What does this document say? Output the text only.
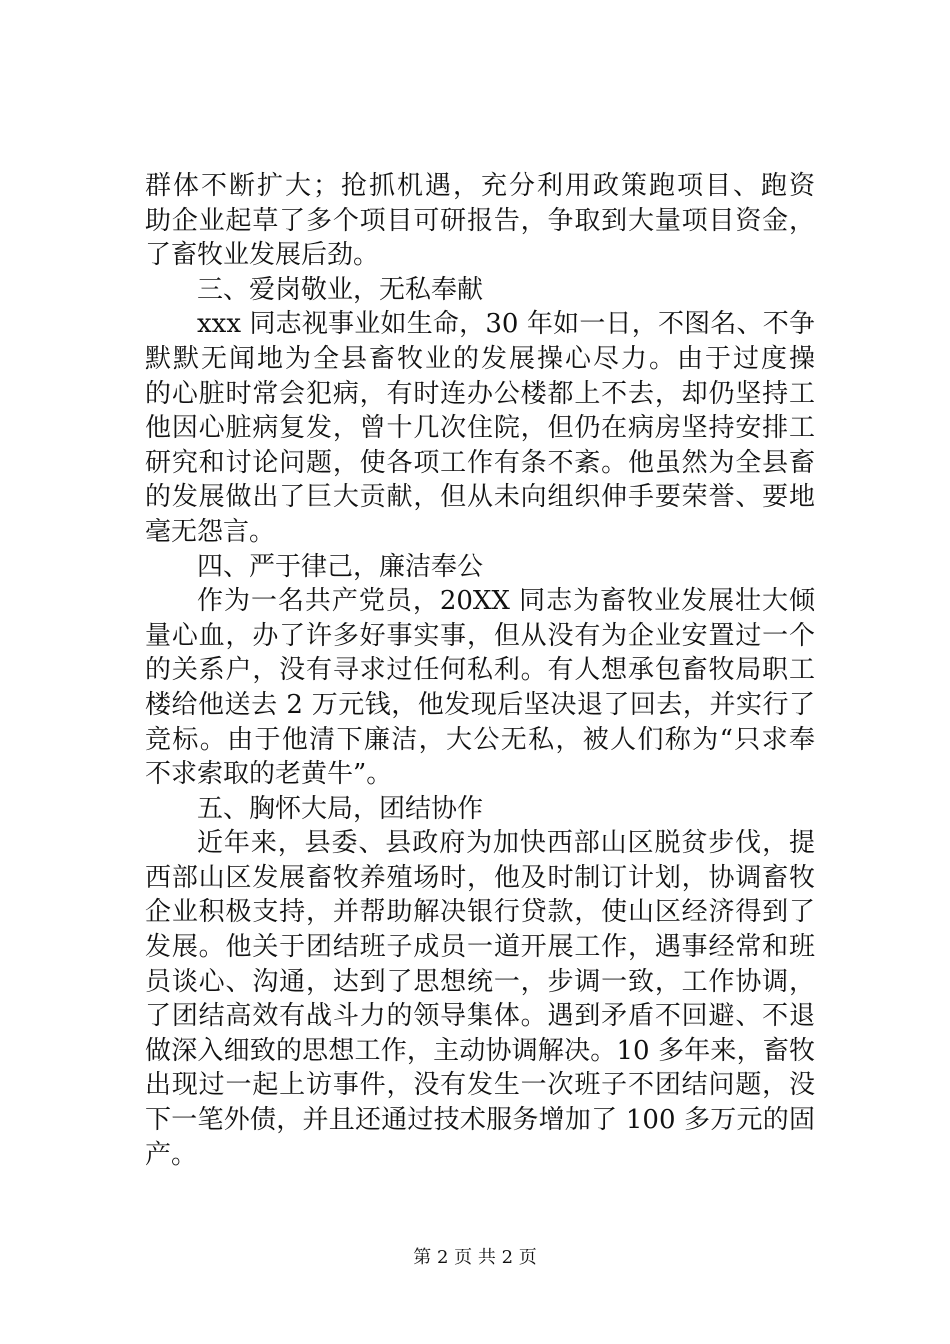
群体不断扩大；抢抓机遇，充分利用政策跑项目、跑资
助企业起草了多个项目可研报告，争取到大量项目资金，
了畜牧业发展后劲。
三、爱岗敬业，无私奉献
xxx 同志视事业如生命，30 年如一日，不图名、不争
默默无闻地为全县畜牧业的发展操心尽力。由于过度操
的心脏时常会犯病，有时连办公楼都上不去，却仍坚持工
他因心脏病复发，曾十几次住院，但仍在病房坚持安排工
研究和讨论问题，使各项工作有条不紊。他虽然为全县畜
的发展做出了巨大贡献，但从未向组织伸手要荣誉、要地
毫无怨言。
四、严于律己，廉洁奉公
作为一名共产党员，20XX 同志为畜牧业发展壮大倾
量心血，办了许多好事实事，但从没有为企业安置过一个
的关系户，没有寻求过任何私利。有人想承包畜牧局职工
楼给他送去 2 万元钱，他发现后坚决退了回去，并实行了
竞标。由于他清下廉洁，大公无私，被人们称为“只求奉
不求索取的老黄牛”。
五、胸怀大局，团结协作
近年来，县委、县政府为加快西部山区脱贫步伐，提
西部山区发展畜牧养殖场时，他及时制订计划，协调畜牧
企业积极支持，并帮助解决银行贷款，使山区经济得到了
发展。他关于团结班子成员一道开展工作，遇事经常和班
员谈心、沟通，达到了思想统一，步调一致，工作协调，
了团结高效有战斗力的领导集体。遇到矛盾不回避、不退
做深入细致的思想工作，主动协调解决。10 多年来，畜牧
出现过一起上访事件，没有发生一次班子不团结问题，没
下一笔外债，并且还通过技术服务增加了 100 多万元的固
产。
第 2 页 共 2 页
